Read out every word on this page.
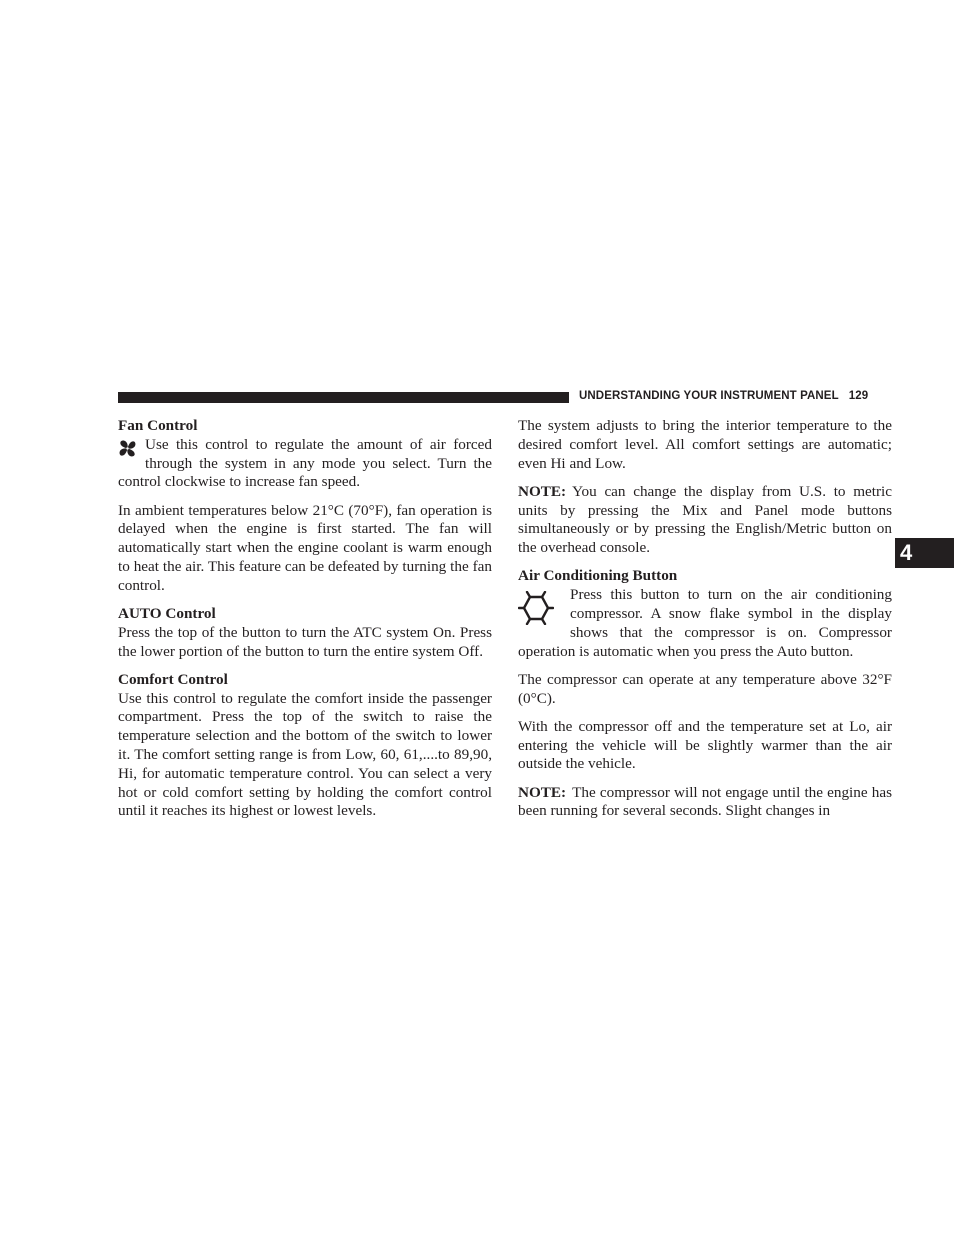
UNDERSTANDING YOUR INSTRUMENT PANEL 129
4
Fan Control

Use this control to regulate the amount of air forced through the system in any mode you select. Turn the control clockwise to increase fan speed.

In ambient temperatures below 21°C (70°F), fan operation is delayed when the engine is first started. The fan will automatically start when the engine coolant is warm enough to heat the air. This feature can be defeated by turning the fan control.

AUTO Control

Press the top of the button to turn the ATC system On. Press the lower portion of the button to turn the entire system Off.

Comfort Control

Use this control to regulate the comfort inside the passenger compartment. Press the top of the switch to raise the temperature selection and the bottom of the switch to lower it. The comfort setting range is from Low, 60, 61,....to 89,90, Hi, for automatic temperature control. You can select a very hot or cold comfort setting by holding the comfort control until it reaches its highest or lowest levels.

The system adjusts to bring the interior temperature to the desired comfort level. All comfort settings are automatic; even Hi and Low.

NOTE: You can change the display from U.S. to metric units by pressing the Mix and Panel mode buttons simultaneously or by pressing the English/Metric button on the overhead console.

Air Conditioning Button

Press this button to turn on the air conditioning compressor. A snow flake symbol in the display shows that the compressor is on. Compressor operation is automatic when you press the Auto button.

The compressor can operate at any temperature above 32°F (0°C).

With the compressor off and the temperature set at Lo, air entering the vehicle will be slightly warmer than the air outside the vehicle.

NOTE: The compressor will not engage until the engine has been running for several seconds. Slight changes in
